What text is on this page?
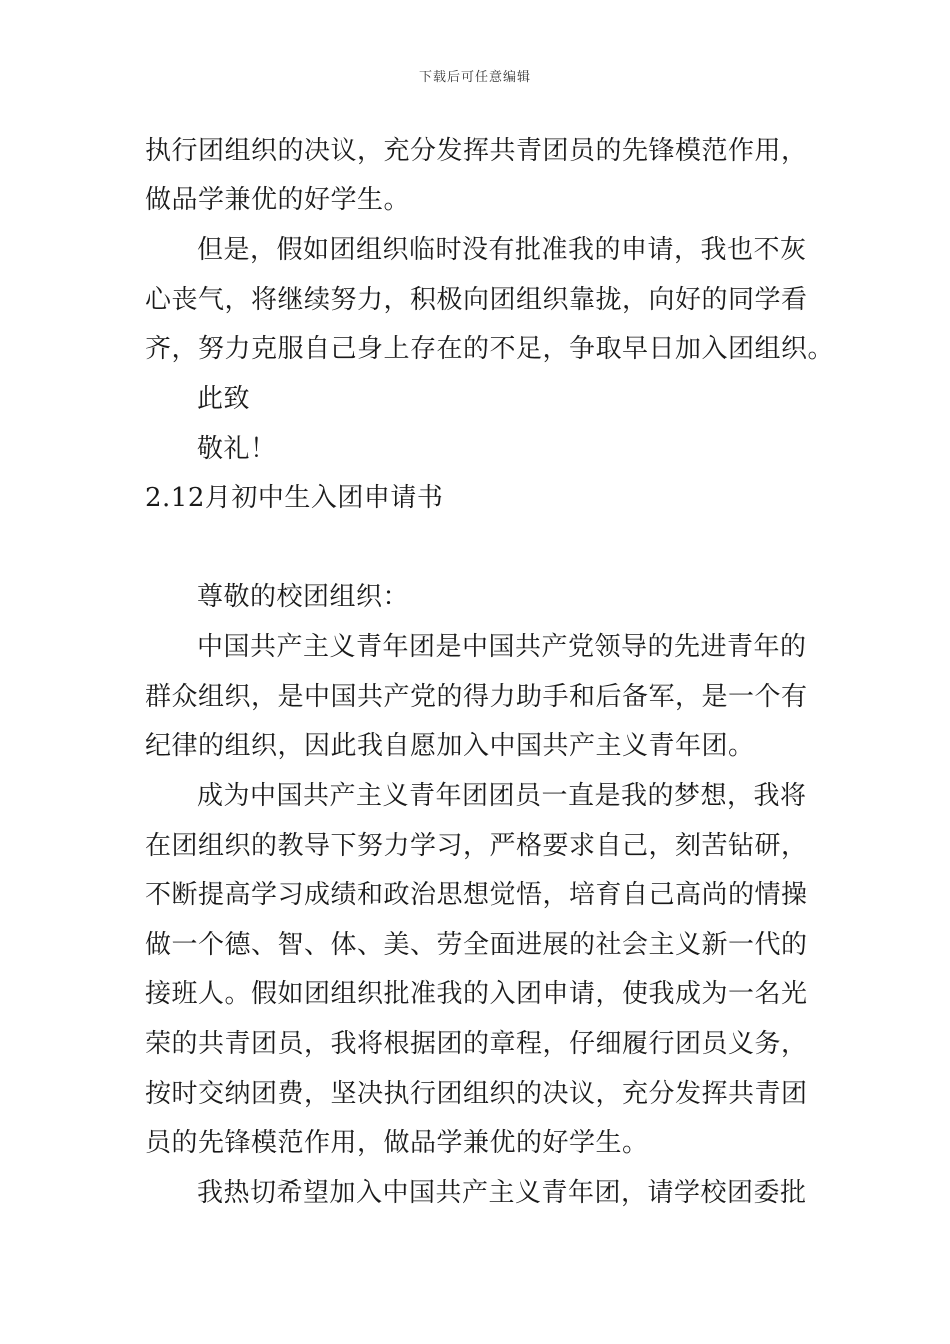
下载后可任意编辑
执行团组织的决议，充分发挥共青团员的先锋模范作用，
做品学兼优的好学生。
但是，假如团组织临时没有批准我的申请，我也不灰
心丧气，将继续努力，积极向团组织靠拢，向好的同学看
齐，努力克服自己身上存在的不足，争取早日加入团组织。
此致
敬礼！
2.12月初中生入团申请书
尊敬的校团组织：
中国共产主义青年团是中国共产党领导的先进青年的
群众组织，是中国共产党的得力助手和后备军，是一个有
纪律的组织，因此我自愿加入中国共产主义青年团。
成为中国共产主义青年团团员一直是我的梦想，我将
在团组织的教导下努力学习，严格要求自己，刻苦钻研，
不断提高学习成绩和政治思想觉悟，培育自己高尚的情操
做一个德、智、体、美、劳全面进展的社会主义新一代的
接班人。假如团组织批准我的入团申请，使我成为一名光
荣的共青团员，我将根据团的章程，仔细履行团员义务，
按时交纳团费，坚决执行团组织的决议，充分发挥共青团
员的先锋模范作用，做品学兼优的好学生。
我热切希望加入中国共产主义青年团，请学校团委批
